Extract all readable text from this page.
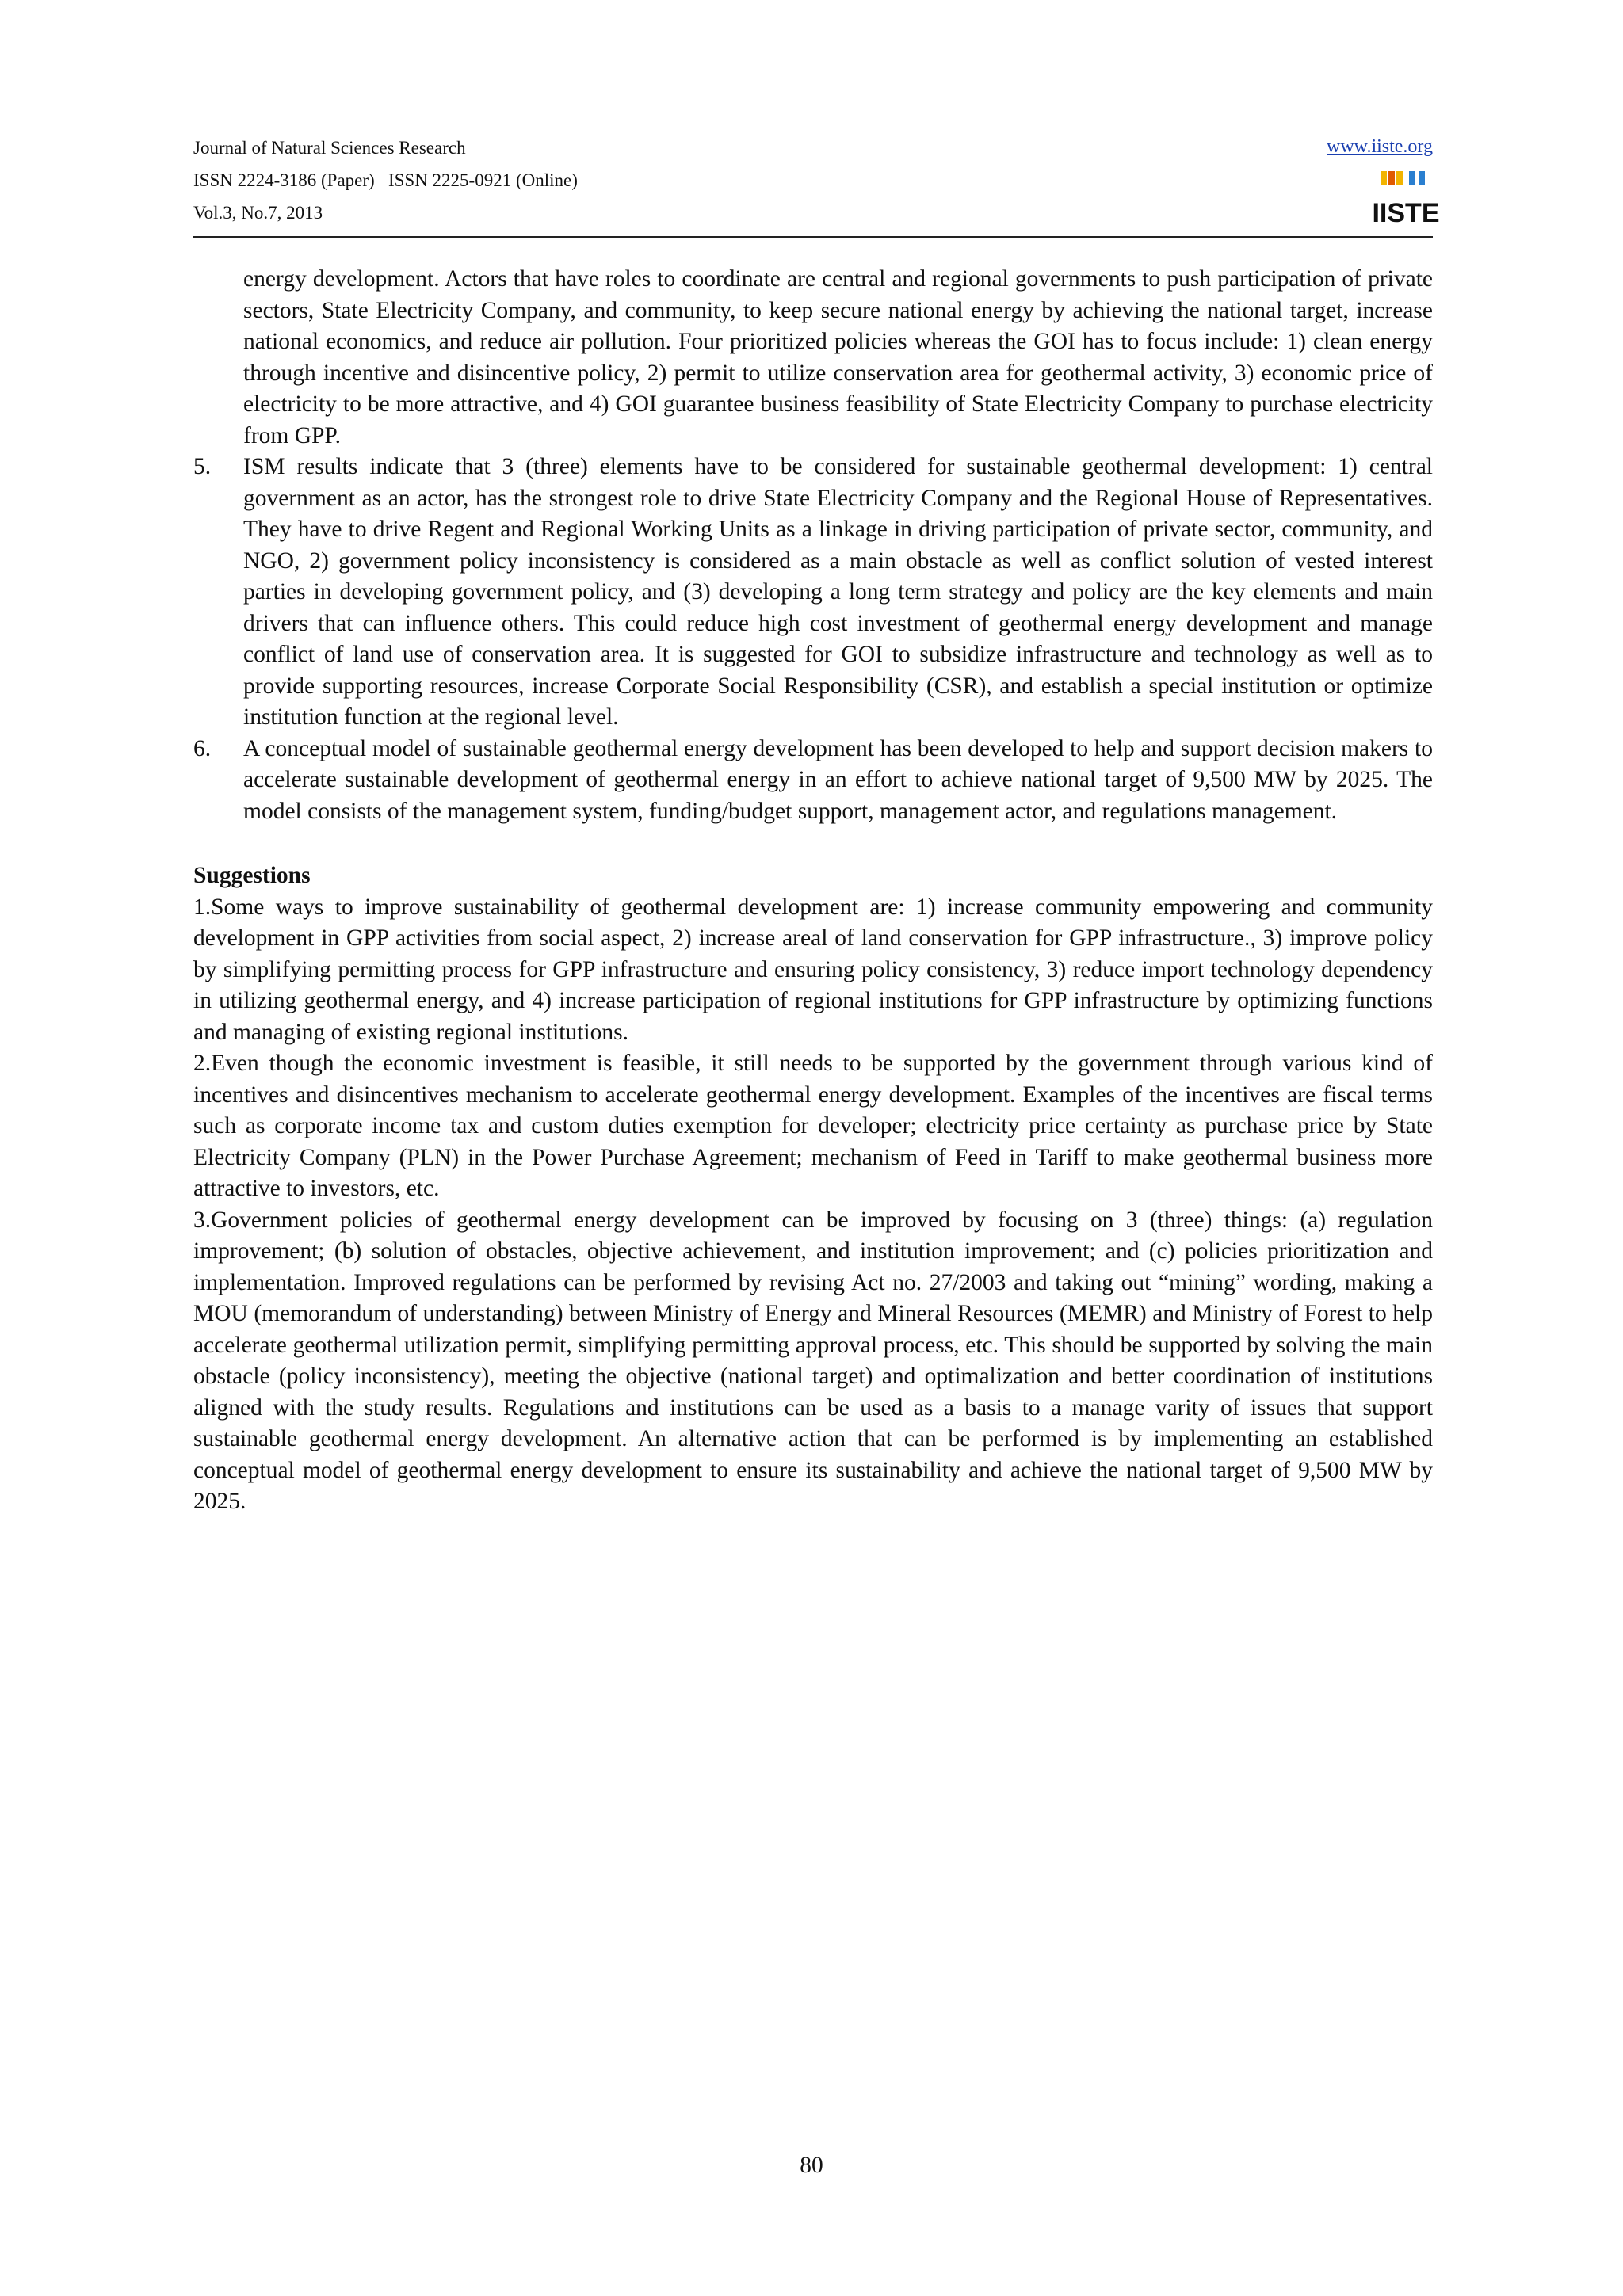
Journal of Natural Sciences Research
ISSN 2224-3186 (Paper)   ISSN 2225-0921 (Online)
Vol.3, No.7, 2013
www.iiste.org
IISTE

energy development. Actors that have roles to coordinate are central and regional governments to push participation of private sectors, State Electricity Company, and community, to keep secure national energy by achieving the national target, increase national economics, and reduce air pollution. Four prioritized policies whereas the GOI has to focus include: 1) clean energy through incentive and disincentive policy, 2) permit to utilize conservation area for geothermal activity, 3) economic price of electricity to be more attractive, and 4) GOI guarantee business feasibility of State Electricity Company to purchase electricity from GPP.

5. ISM results indicate that 3 (three) elements have to be considered for sustainable geothermal development: 1) central government as an actor, has the strongest role to drive State Electricity Company and the Regional House of Representatives. They have to drive Regent and Regional Working Units as a linkage in driving participation of private sector, community, and NGO, 2) government policy inconsistency is considered as a main obstacle as well as conflict solution of vested interest parties in developing government policy, and (3) developing a long term strategy and policy are the key elements and main drivers that can influence others. This could reduce high cost investment of geothermal energy development and manage conflict of land use of conservation area. It is suggested for GOI to subsidize infrastructure and technology as well as to provide supporting resources, increase Corporate Social Responsibility (CSR), and establish a special institution or optimize institution function at the regional level.

6. A conceptual model of sustainable geothermal energy development has been developed to help and support decision makers to accelerate sustainable development of geothermal energy in an effort to achieve national target of 9,500 MW by 2025. The model consists of the management system, funding/budget support, management actor, and regulations management.

Suggestions

1.Some ways to improve sustainability of geothermal development are: 1) increase community empowering and community development in GPP activities from social aspect, 2) increase areal of land conservation for GPP infrastructure., 3) improve policy by simplifying permitting process for GPP infrastructure and ensuring policy consistency, 3) reduce import technology dependency in utilizing geothermal energy, and 4) increase participation of regional institutions for GPP infrastructure by optimizing functions and managing of existing regional institutions.

2.Even though the economic investment is feasible, it still needs to be supported by the government through various kind of incentives and disincentives mechanism to accelerate geothermal energy development. Examples of the incentives are fiscal terms such as corporate income tax and custom duties exemption for developer; electricity price certainty as purchase price by State Electricity Company (PLN) in the Power Purchase Agreement; mechanism of Feed in Tariff to make geothermal business more attractive to investors, etc.

3.Government policies of geothermal energy development can be improved by focusing on 3 (three) things: (a) regulation improvement; (b) solution of obstacles, objective achievement, and institution improvement; and (c) policies prioritization and implementation. Improved regulations can be performed by revising Act no. 27/2003 and taking out “mining” wording, making a MOU (memorandum of understanding) between Ministry of Energy and Mineral Resources (MEMR) and Ministry of Forest to help accelerate geothermal utilization permit, simplifying permitting approval process, etc. This should be supported by solving the main obstacle (policy inconsistency), meeting the objective (national target) and optimalization and better coordination of institutions aligned with the study results. Regulations and institutions can be used as a basis to a manage varity of issues that support sustainable geothermal energy development. An alternative action that can be performed is by implementing an established conceptual model of geothermal energy development to ensure its sustainability and achieve the national target of 9,500 MW by 2025.

80
